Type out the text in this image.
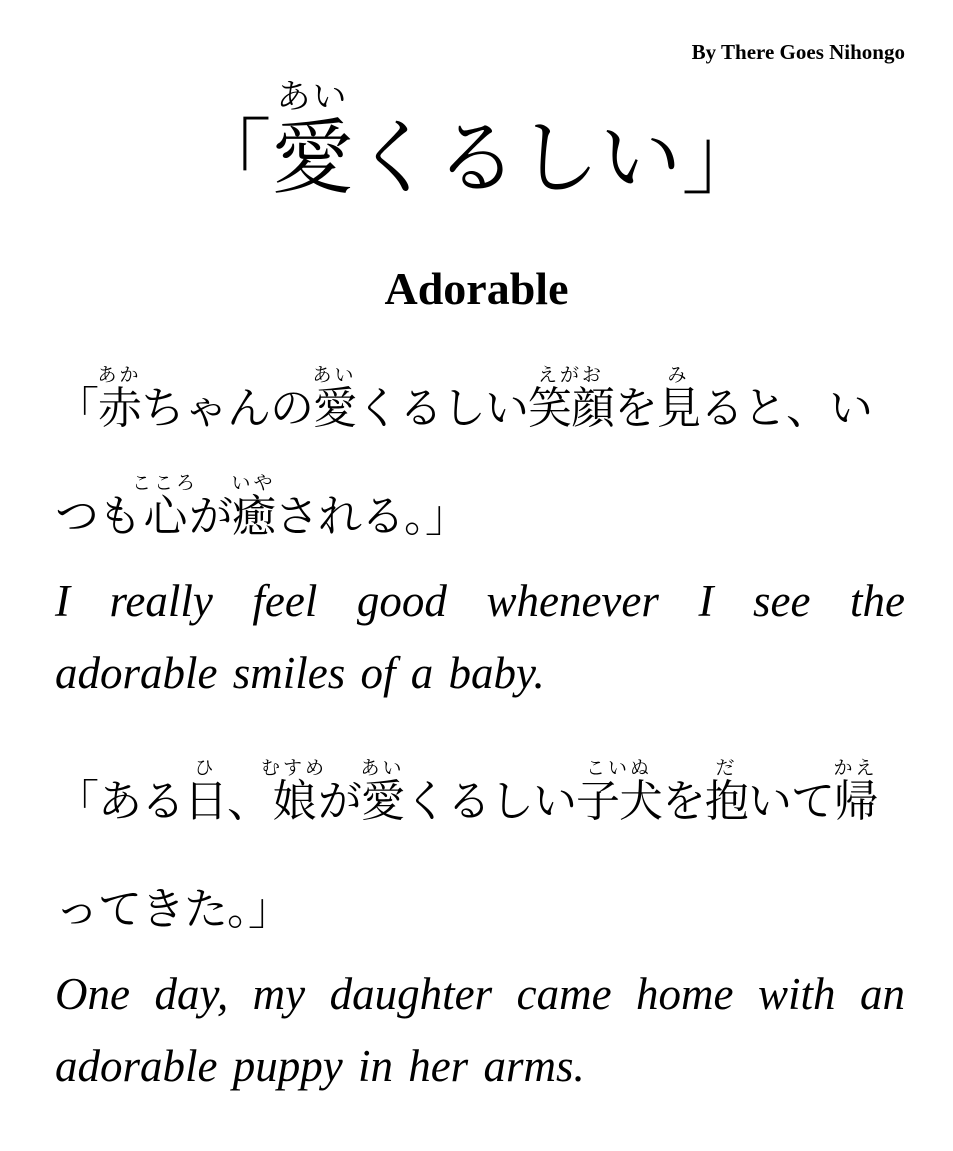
By There Goes Nihongo
「愛あいくるしい」
Adorable

「赤あかちゃんの愛あいくるしい笑顔えがおを見みると、いつも心こころが癒いやされる。」

I really feel good whenever I see the adorable smiles of a baby.

「ある日ひ、娘むすめが愛あいくるしい子犬こいぬを抱だいて帰かえってきた。」

One day, my daughter came home with an adorable puppy in her arms.
